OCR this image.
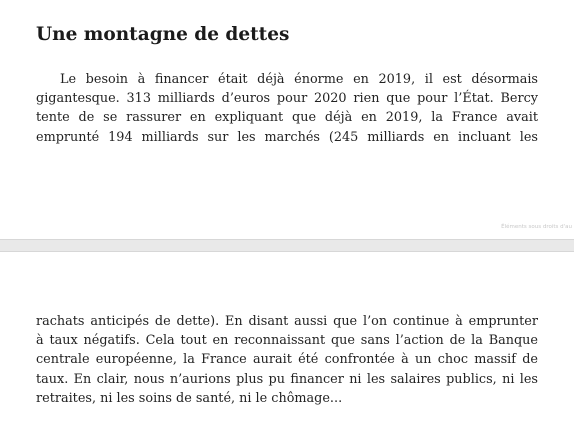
Une montagne de dettes
Le besoin à financer était déjà énorme en 2019, il est désormais
gigantesque. 313 milliards d’euros pour 2020 rien que pour l’État. Bercy
tente de se rassurer en expliquant que déjà en 2019, la France avait
emprunté 194 milliards sur les marchés (245 milliards en incluant les
Éléments sous droits d'au
rachats anticipés de dette). En disant aussi que l’on continue à emprunter
à taux négatifs. Cela tout en reconnaissant que sans l’action de la Banque
centrale européenne, la France aurait été confrontée à un choc massif de
taux. En clair, nous n’aurions plus pu financer ni les salaires publics, ni les
retraites, ni les soins de santé, ni le chômage...
